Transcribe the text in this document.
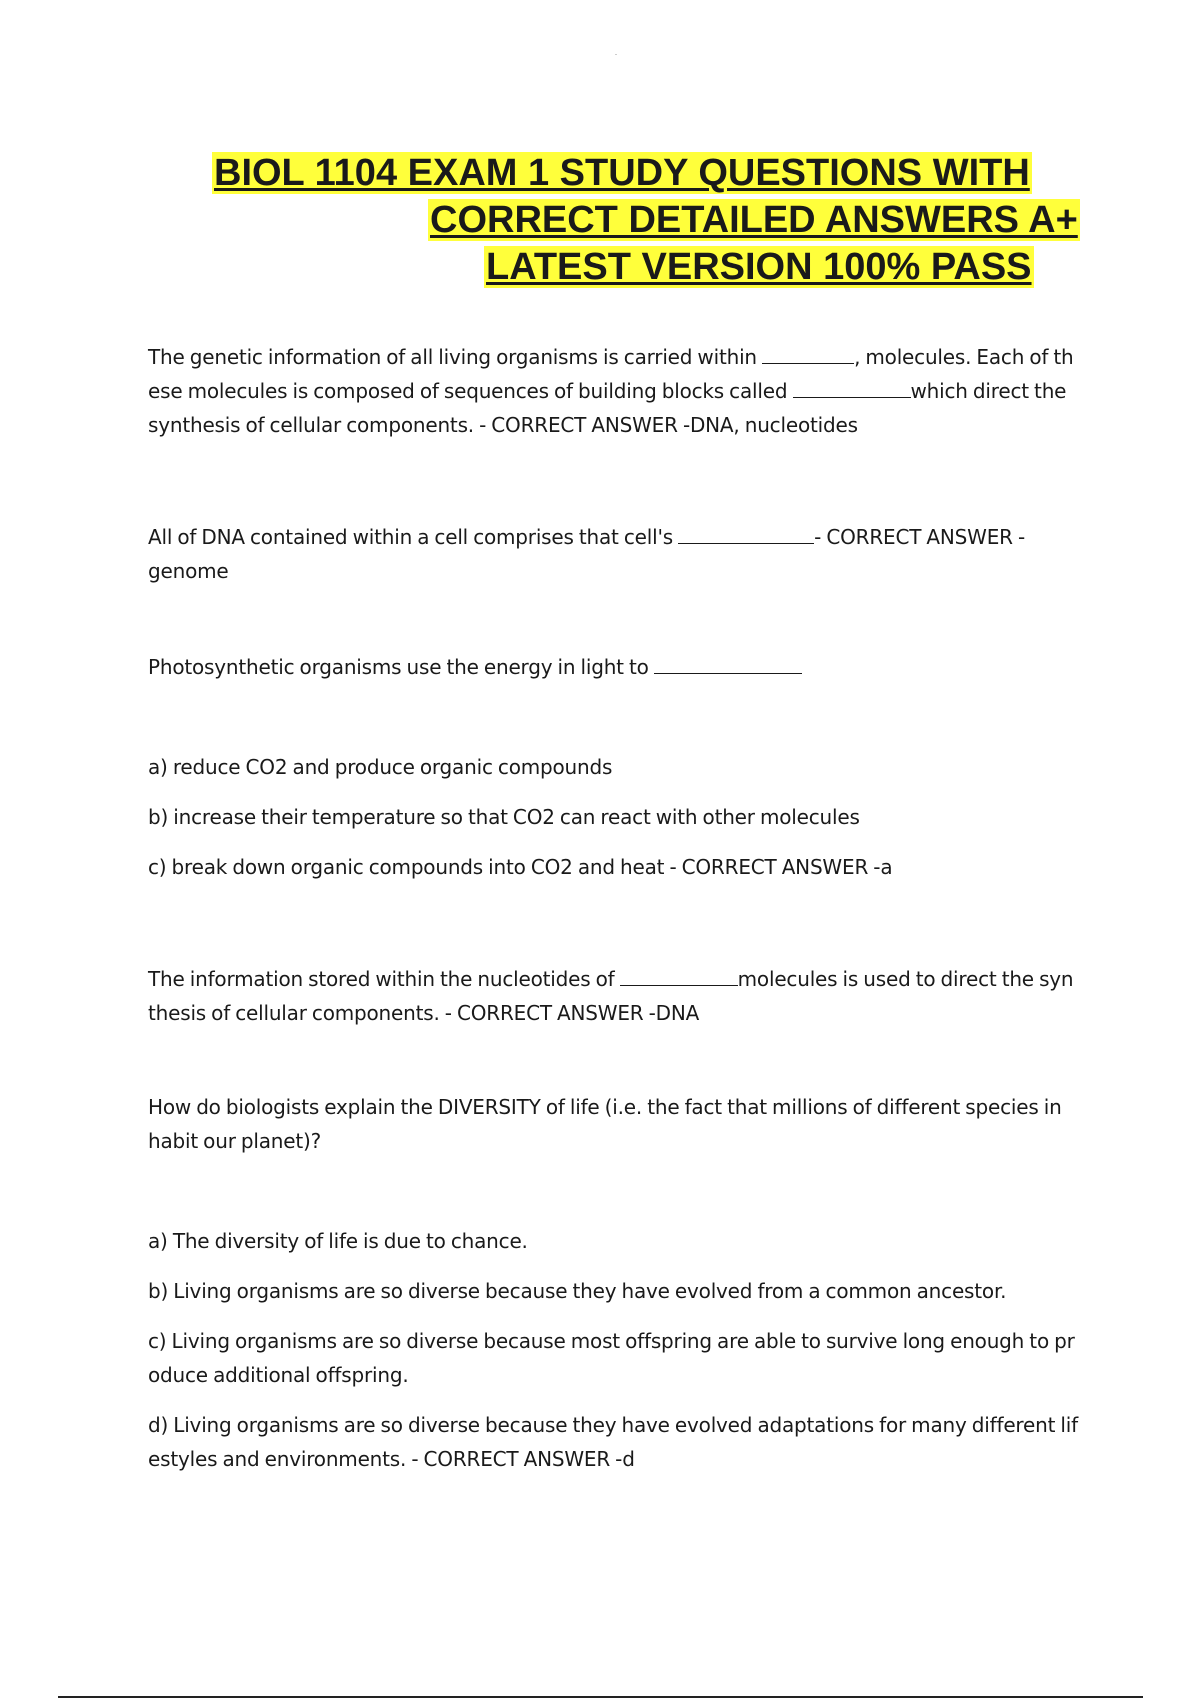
BIOL 1104 EXAM 1 STUDY QUESTIONS WITH
CORRECT DETAILED ANSWERS A+
LATEST VERSION 100% PASS

The genetic information of all living organisms is carried within	, molecules. Each of th
ese molecules is composed of sequences of building blocks called	which direct the
synthesis of cellular components. - CORRECT ANSWER -DNA, nucleotides

All of DNA contained within a cell comprises that cell's	- CORRECT ANSWER -
genome

Photosynthetic organisms use the energy in light to

a) reduce CO2 and produce organic compounds

b) increase their temperature so that CO2 can react with other molecules

c) break down organic compounds into CO2 and heat - CORRECT ANSWER -a

The information stored within the nucleotides of	molecules is used to direct the syn
thesis of cellular components. - CORRECT ANSWER -DNA

How do biologists explain the DIVERSITY of life (i.e. the fact that millions of different species in
habit our planet)?

a) The diversity of life is due to chance.

b) Living organisms are so diverse because they have evolved from a common ancestor.

c) Living organisms are so diverse because most offspring are able to survive long enough to pr
oduce additional offspring.

d) Living organisms are so diverse because they have evolved adaptations for many different lif
estyles and environments. - CORRECT ANSWER -d
